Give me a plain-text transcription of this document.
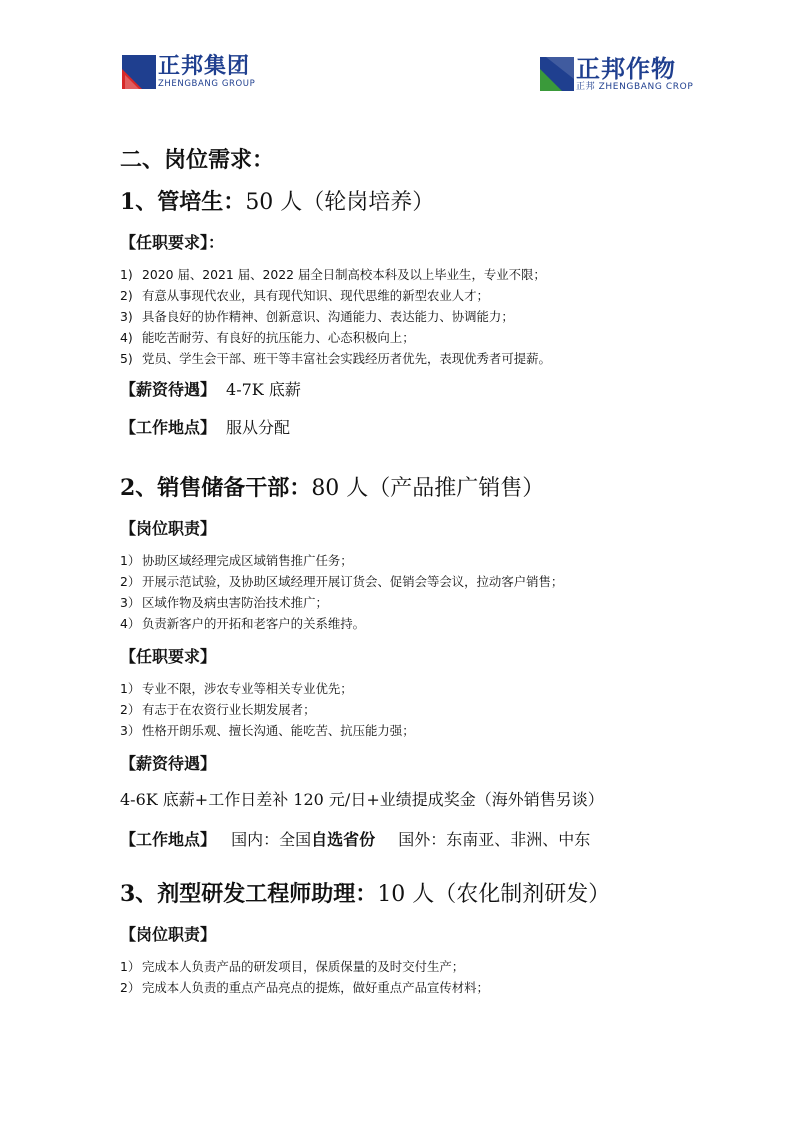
正邦集团
ZHENGBANG GROUP
正邦作物
正邦 ZHENGBANG CROP
二、岗位需求：
1、管培生：50 人（轮岗培养）
【任职要求】：
1) 2020 届、2021 届、2022 届全日制高校本科及以上毕业生，专业不限；
2) 有意从事现代农业，具有现代知识、现代思维的新型农业人才；
3) 具备良好的协作精神、创新意识、沟通能力、表达能力、协调能力；
4) 能吃苦耐劳、有良好的抗压能力、心态积极向上；
5) 党员、学生会干部、班干等丰富社会实践经历者优先，表现优秀者可提薪。
【薪资待遇】 4-7K 底薪
【工作地点】 服从分配
2、销售储备干部：80 人（产品推广销售）
【岗位职责】
1） 协助区域经理完成区域销售推广任务；
2） 开展示范试验，及协助区域经理开展订货会、促销会等会议，拉动客户销售；
3） 区域作物及病虫害防治技术推广；
4） 负责新客户的开拓和老客户的关系维持。
【任职要求】
1） 专业不限，涉农专业等相关专业优先；
2） 有志于在农资行业长期发展者；
3） 性格开朗乐观、擅长沟通、能吃苦、抗压能力强；
【薪资待遇】
4-6K 底薪+工作日差补 120 元/日+业绩提成奖金（海外销售另谈）
【工作地点】 国内：全国自选省份 国外：东南亚、非洲、中东
3、剂型研发工程师助理：10 人（农化制剂研发）
【岗位职责】
1） 完成本人负责产品的研发项目，保质保量的及时交付生产；
2） 完成本人负责的重点产品亮点的提炼，做好重点产品宣传材料；
